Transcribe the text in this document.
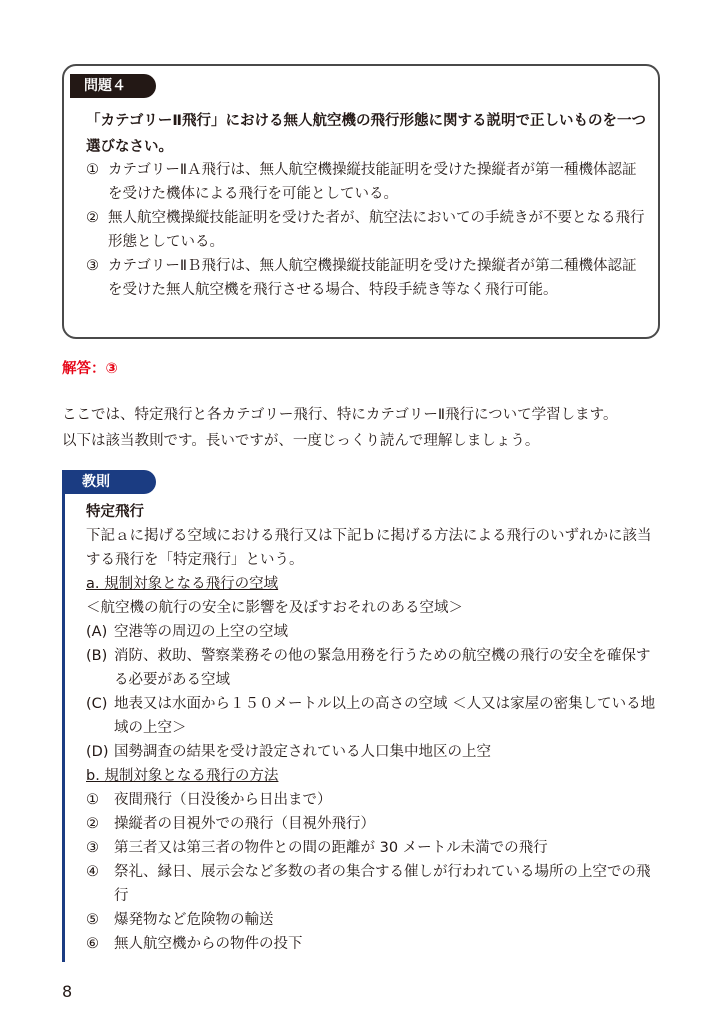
問題４

「カテゴリーⅡ飛行」における無人航空機の飛行形態に関する説明で正しいものを一つ選びなさい。

① カテゴリーⅡＡ飛行は、無人航空機操縦技能証明を受けた操縦者が第一種機体認証を受けた機体による飛行を可能としている。
② 無人航空機操縦技能証明を受けた者が、航空法においての手続きが不要となる飛行形態としている。
③ カテゴリーⅡＢ飛行は、無人航空機操縦技能証明を受けた操縦者が第二種機体認証を受けた無人航空機を飛行させる場合、特段手続き等なく飛行可能。

解答：③

ここでは、特定飛行と各カテゴリー飛行、特にカテゴリーⅡ飛行について学習します。
以下は該当教則です。長いですが、一度じっくり読んで理解しましょう。
教則

特定飛行

下記ａに掲げる空域における飛行又は下記ｂに掲げる方法による飛行のいずれかに該当する飛行を「特定飛行」という。

a. 規制対象となる飛行の空域

＜航空機の航行の安全に影響を及ぼすおそれのある空域＞

(A) 空港等の周辺の上空の空域
(B) 消防、救助、警察業務その他の緊急用務を行うための航空機の飛行の安全を確保する必要がある空域
(C) 地表又は水面から１５０メートル以上の高さの空域 ＜人又は家屋の密集している地域の上空＞
(D) 国勢調査の結果を受け設定されている人口集中地区の上空

b. 規制対象となる飛行の方法

① 夜間飛行（日没後から日出まで）
② 操縦者の目視外での飛行（目視外飛行）
③ 第三者又は第三者の物件との間の距離が 30 メートル未満での飛行
④ 祭礼、縁日、展示会など多数の者の集合する催しが行われている場所の上空での飛行
⑤ 爆発物など危険物の輸送
⑥ 無人航空機からの物件の投下

8
